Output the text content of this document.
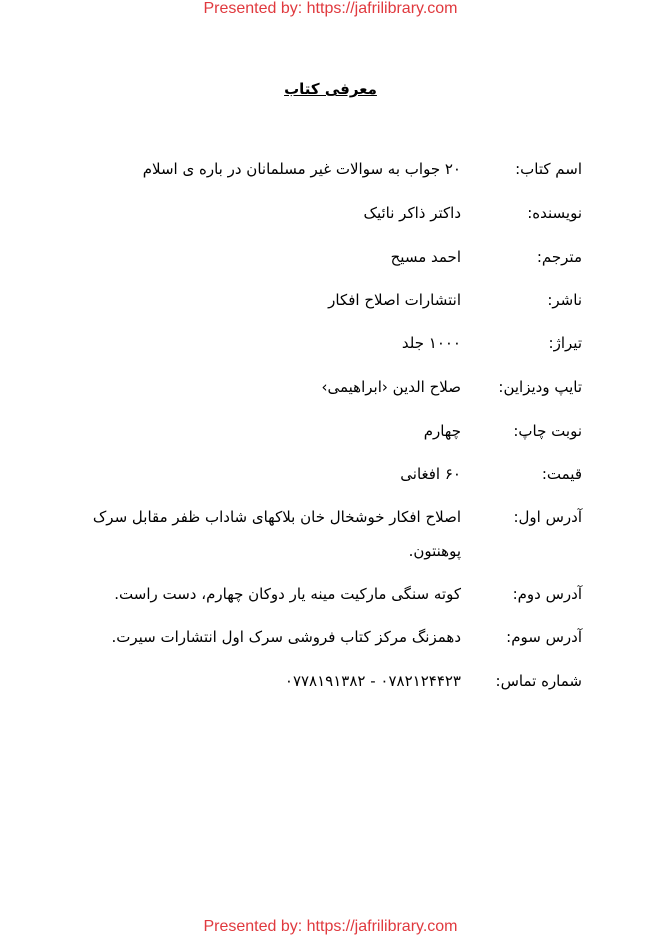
Presented by: https://jafrilibrary.com
معرفی کتاب
اسم کتاب:
۲۰ جواب به سوالات غیر مسلمانان در باره ی اسلام
نویسنده:
داکتر ذاکر نائیک
مترجم:
احمد مسیح
ناشر:
انتشارات اصلاح افکار
تیراژ:
۱۰۰۰ جلد
تایپ ودیزاین:
صلاح الدین ‹ابراهیمی›
نوبت چاپ:
چهارم
قیمت:
۶۰ افغانی
آدرس اول:
اصلاح افکار خوشخال خان بلاکهای شاداب ظفر مقابل سرک پوهنتون.
آدرس دوم:
کوته سنگی مارکیت مینه یار دوکان چهارم، دست راست.
آدرس سوم:
دهمزنگ مرکز کتاب فروشی سرک اول انتشارات سیرت.
شماره تماس:
۰۷۸۲۱۲۴۴۲۳ - ۰۷۷۸۱۹۱۳۸۲
Presented by: https://jafrilibrary.com
